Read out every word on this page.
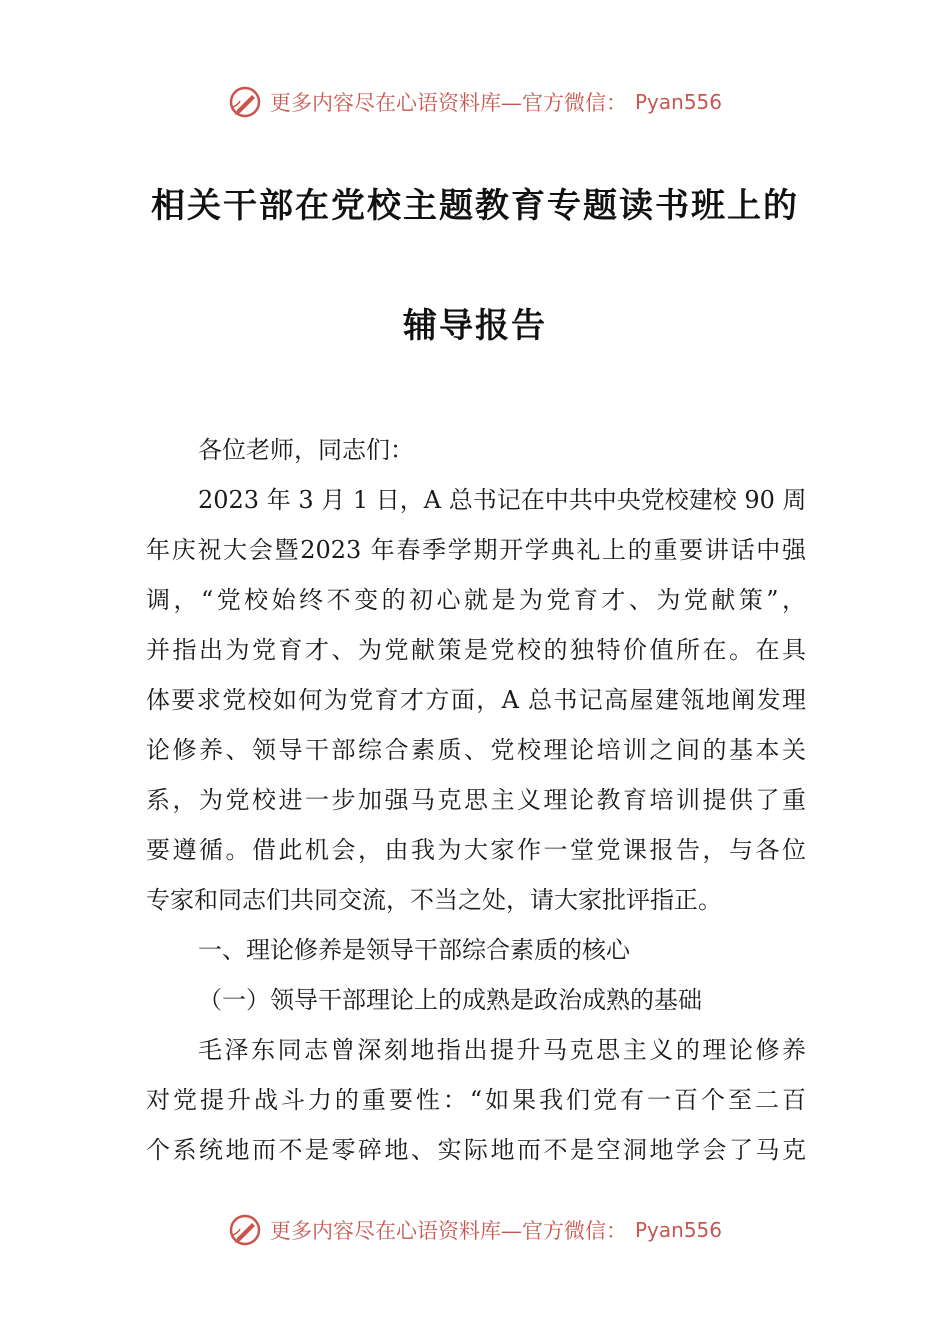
更多内容尽在心语资料库—官方微信： Pyan556
相关干部在党校主题教育专题读书班上的
辅导报告
各位老师，同志们：
2023 年 3 月 1 日，A 总书记在中共中央党校建校 90 周
年庆祝大会暨2023 年春季学期开学典礼上的重要讲话中强
调，“党校始终不变的初心就是为党育才、为党献策”，
并指出为党育才、为党献策是党校的独特价值所在。在具
体要求党校如何为党育才方面，A 总书记高屋建瓴地阐发理
论修养、领导干部综合素质、党校理论培训之间的基本关
系，为党校进一步加强马克思主义理论教育培训提供了重
要遵循。借此机会，由我为大家作一堂党课报告，与各位
专家和同志们共同交流，不当之处，请大家批评指正。
一、理论修养是领导干部综合素质的核心
（一）领导干部理论上的成熟是政治成熟的基础
毛泽东同志曾深刻地指出提升马克思主义的理论修养
对党提升战斗力的重要性：“如果我们党有一百个至二百
个系统地而不是零碎地、实际地而不是空洞地学会了马克
更多内容尽在心语资料库—官方微信： Pyan556
